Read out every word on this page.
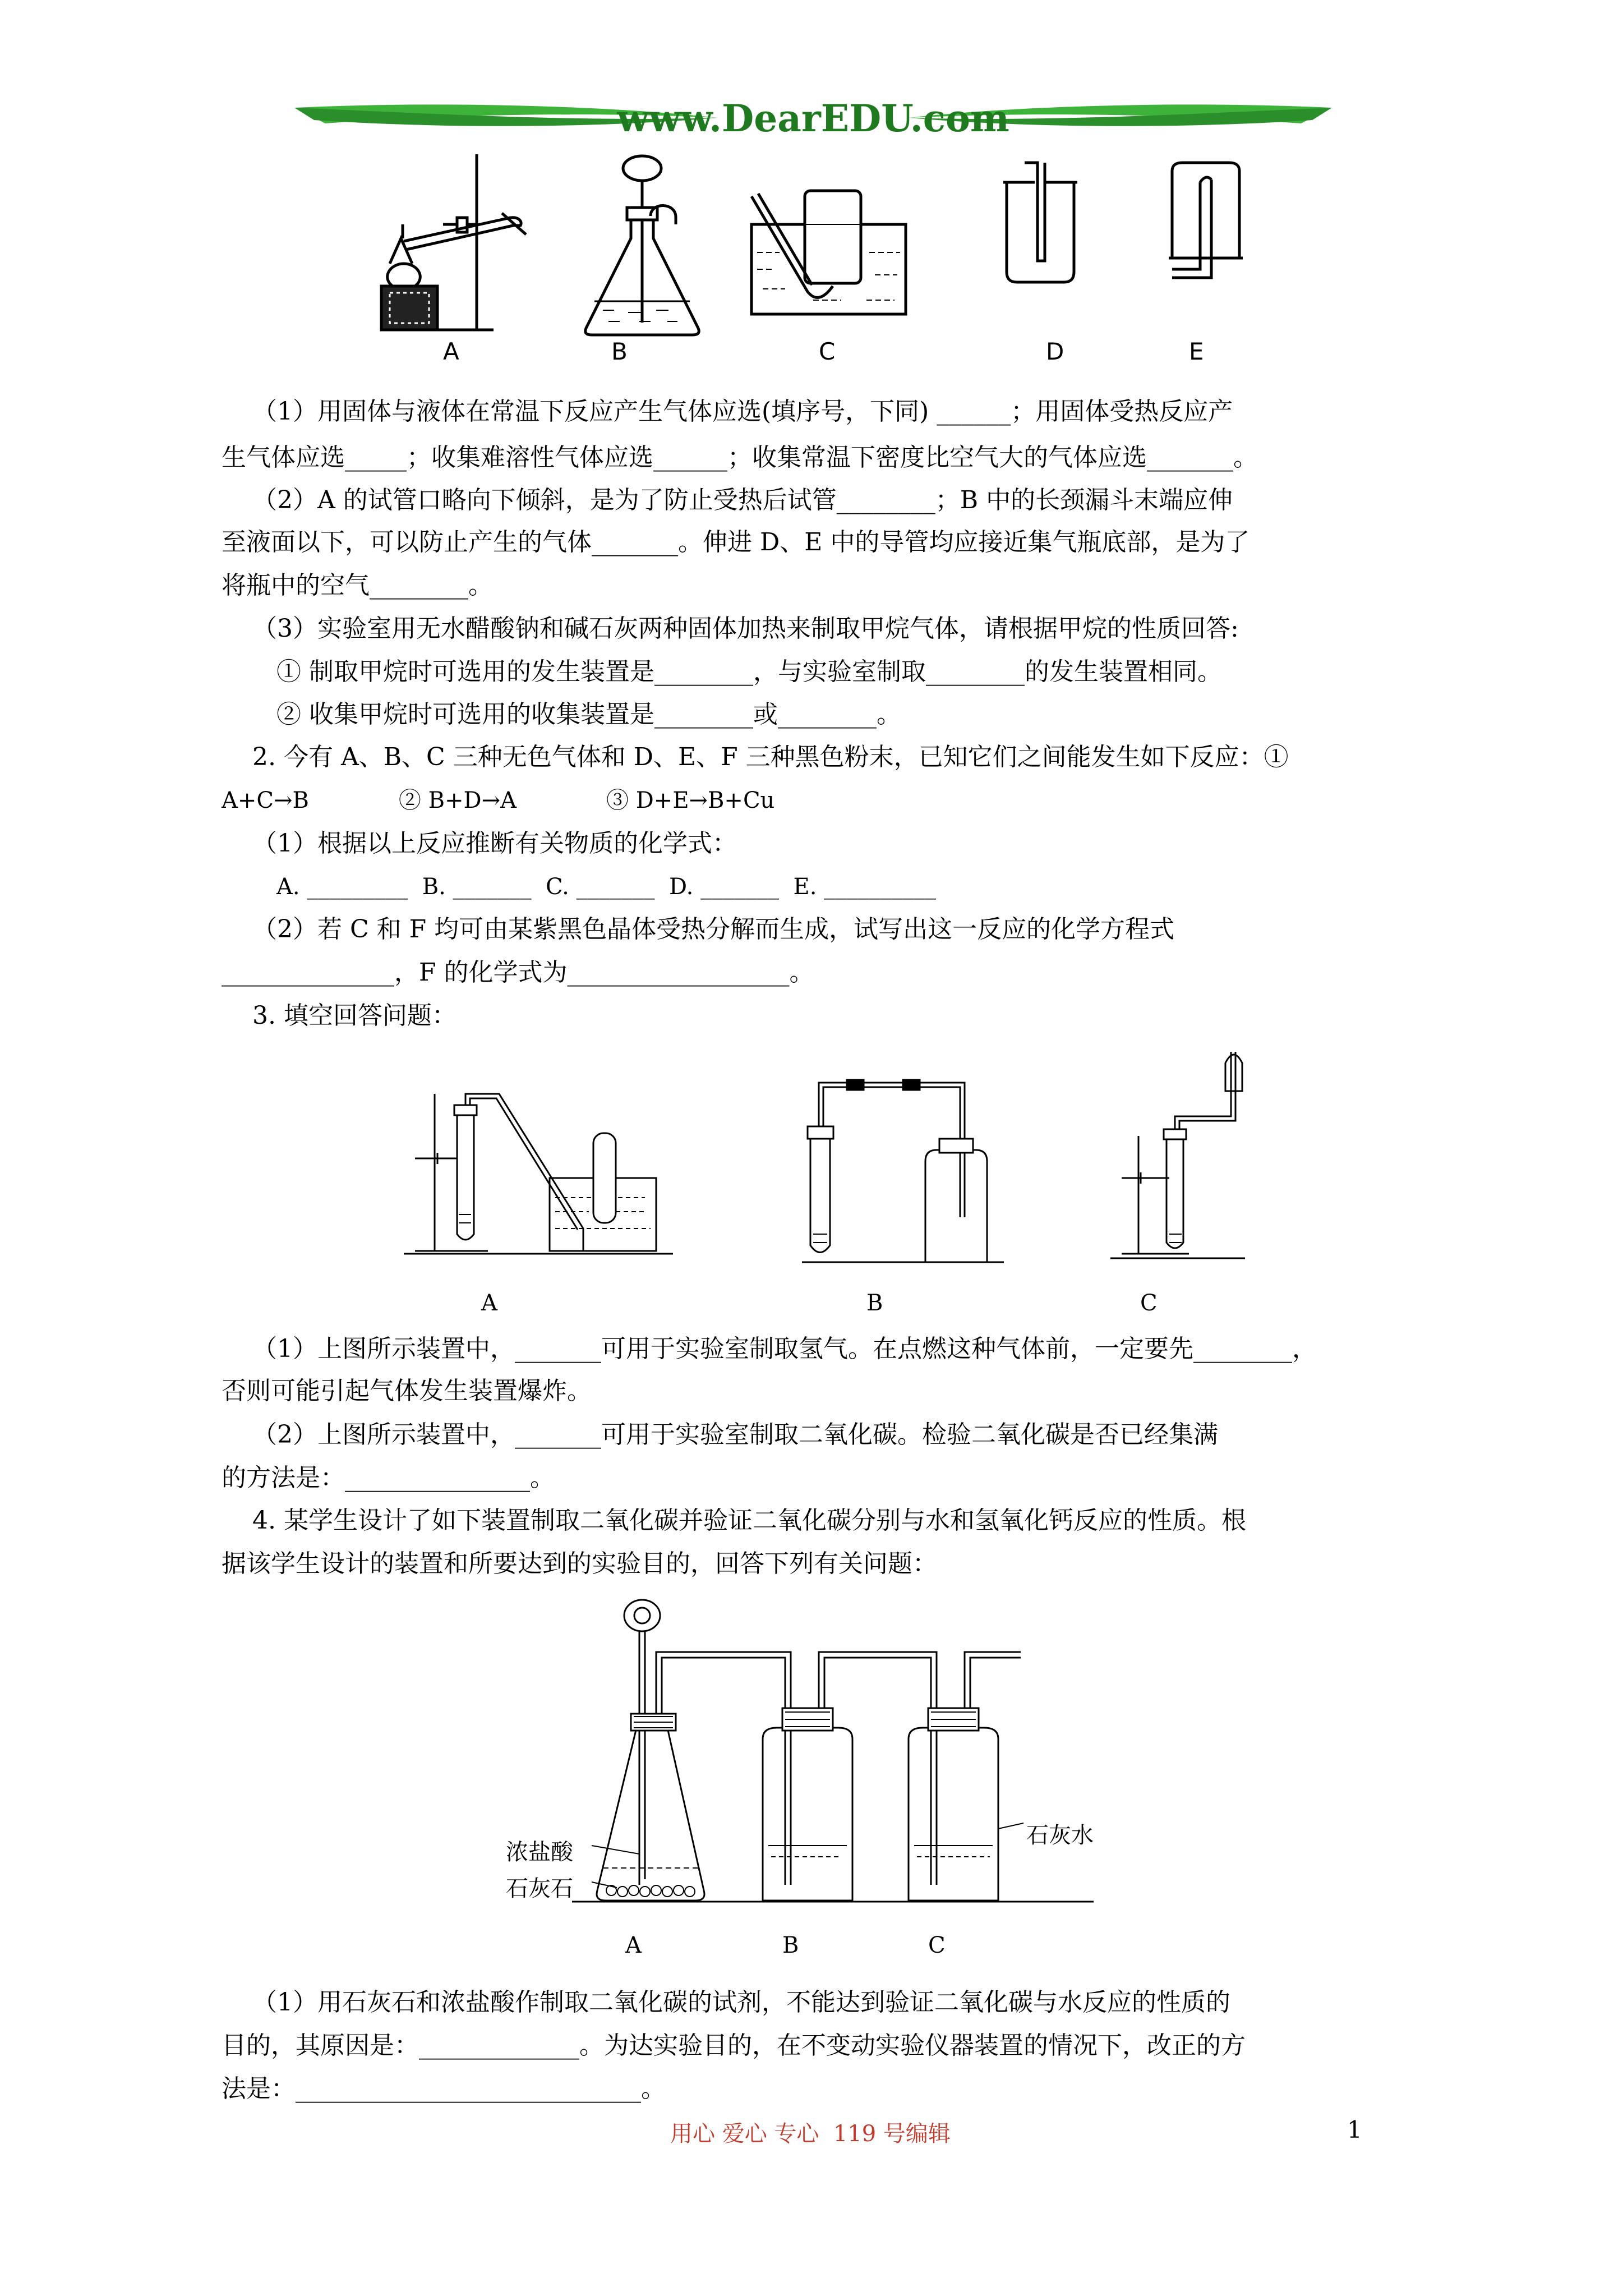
www.DearEDU.com
A	B	C	D	E
（1）用固体与液体在常温下反应产生气体应选(填序号，下同) ______；用固体受热反应产
生气体应选_____；收集难溶性气体应选______；收集常温下密度比空气大的气体应选_______。
（2）A 的试管口略向下倾斜，是为了防止受热后试管________；B 中的长颈漏斗末端应伸
至液面以下，可以防止产生的气体_______。伸进 D、E 中的导管均应接近集气瓶底部，是为了
将瓶中的空气________。
（3）实验室用无水醋酸钠和碱石灰两种固体加热来制取甲烷气体，请根据甲烷的性质回答:
① 制取甲烷时可选用的发生装置是________，与实验室制取________的发生装置相同。
② 收集甲烷时可选用的收集装置是________或________。
2. 今有 A、B、C 三种无色气体和 D、E、F 三种黑色粉末，已知它们之间能发生如下反应：①
A+C→B　　　　② B+D→A　　　　③ D+E→B+Cu
（1）根据以上反应推断有关物质的化学式：
A. _________  B. _______  C. _______  D. _______  E. __________
（2）若 C 和 F 均可由某紫黑色晶体受热分解而生成，试写出这一反应的化学方程式
______________，F 的化学式为__________________。
3. 填空回答问题：
A	B	C
（1）上图所示装置中，_______可用于实验室制取氢气。在点燃这种气体前，一定要先________，
否则可能引起气体发生装置爆炸。
（2）上图所示装置中，_______可用于实验室制取二氧化碳。检验二氧化碳是否已经集满
的方法是：_______________。
4. 某学生设计了如下装置制取二氧化碳并验证二氧化碳分别与水和氢氧化钙反应的性质。根
据该学生设计的装置和所要达到的实验目的，回答下列有关问题：
浓盐酸
石灰石
石灰水
A	B	C
（1）用石灰石和浓盐酸作制取二氧化碳的试剂，不能达到验证二氧化碳与水反应的性质的
目的，其原因是：_____________。为达实验目的，在不变动实验仪器装置的情况下，改正的方
法是：____________________________。
用心 爱心 专心  119 号编辑	1
